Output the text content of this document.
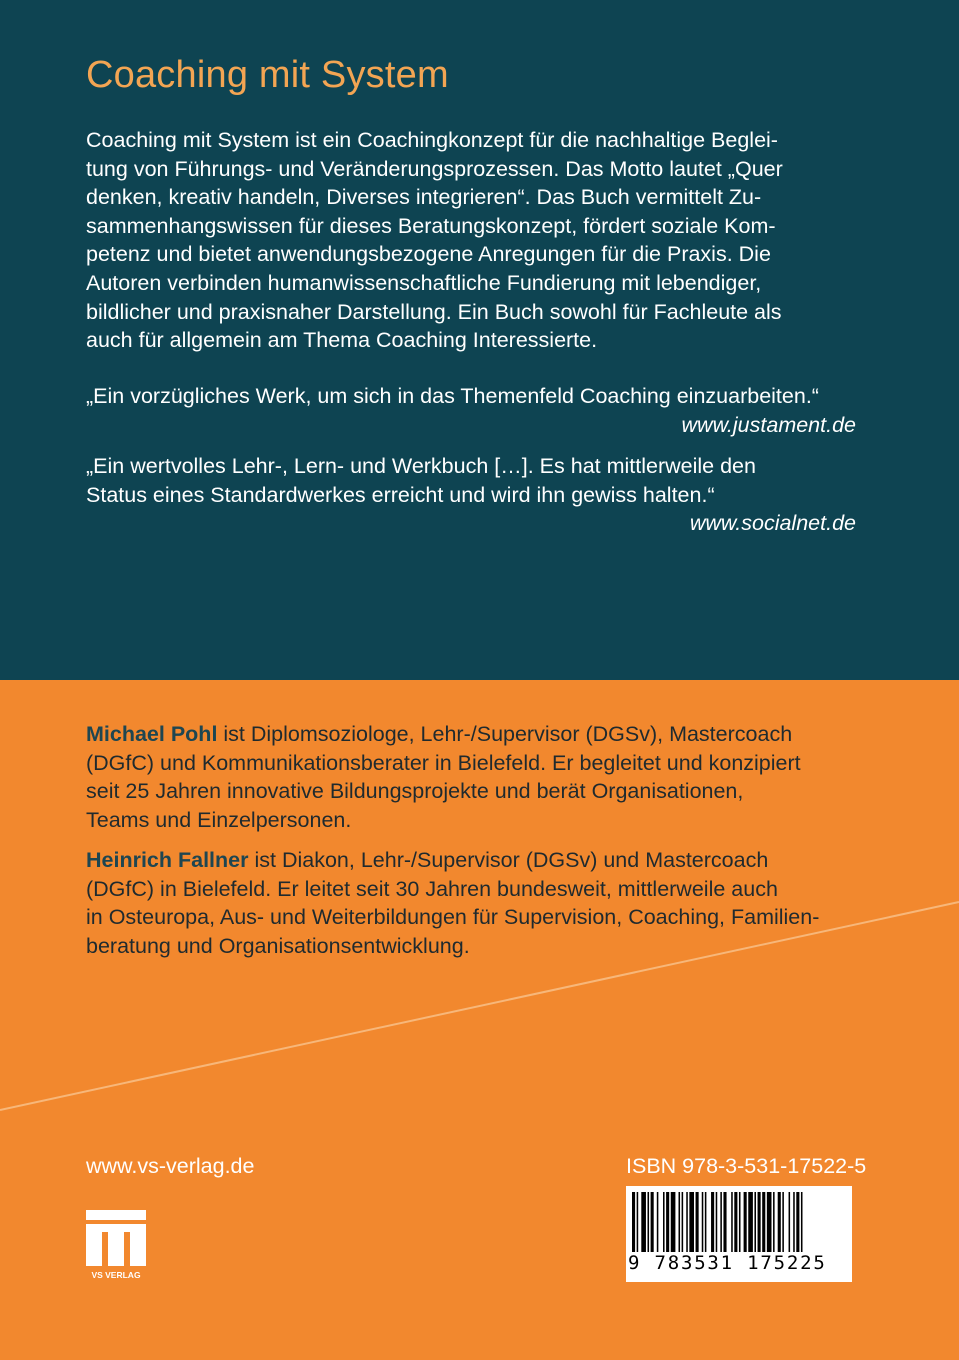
Coaching mit System
Coaching mit System ist ein Coachingkonzept für die nachhaltige Beglei-
tung von Führungs- und Veränderungsprozessen. Das Motto lautet „Quer
denken, kreativ handeln, Diverses integrieren“. Das Buch vermittelt Zu-
sammenhangswissen für dieses Beratungskonzept, fördert soziale Kom-
petenz und bietet anwendungsbezogene Anregungen für die Praxis. Die
Autoren verbinden humanwissenschaftliche Fundierung mit lebendiger,
bildlicher und praxisnaher Darstellung. Ein Buch sowohl für Fachleute als
auch für allgemein am Thema Coaching Interessierte.
„Ein vorzügliches Werk, um sich in das Themenfeld Coaching einzuarbeiten.“
www.justament.de
„Ein wertvolles Lehr-, Lern- und Werkbuch […]. Es hat mittlerweile den
Status eines Standardwerkes erreicht und wird ihn gewiss halten.“
www.socialnet.de
Michael Pohl ist Diplomsoziologe, Lehr-/Supervisor (DGSv), Mastercoach
(DGfC) und Kommunikationsberater in Bielefeld. Er begleitet und konzipiert
seit 25 Jahren innovative Bildungsprojekte und berät Organisationen,
Teams und Einzelpersonen.
Heinrich Fallner ist Diakon, Lehr-/Supervisor (DGSv) und Mastercoach
(DGfC) in Bielefeld. Er leitet seit 30 Jahren bundesweit, mittlerweile auch
in Osteuropa, Aus- und Weiterbildungen für Supervision, Coaching, Familien-
beratung und Organisationsentwicklung.

www.vs-verlag.de

VS VERLAG

ISBN 978-3-531-17522-5

9 783531 175225
